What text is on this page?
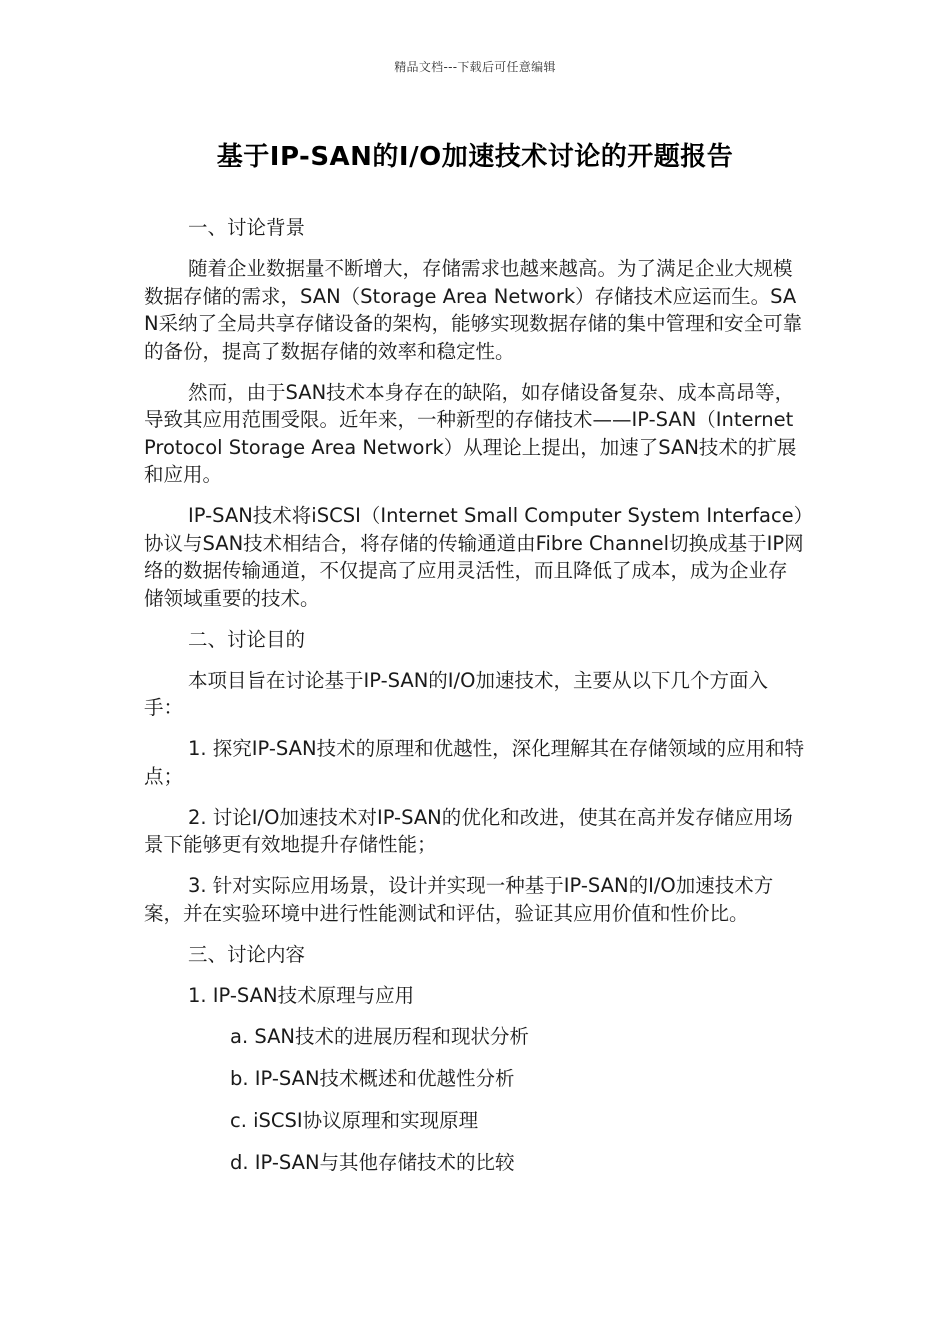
精品文档---下载后可任意编辑
基于IP-SAN的I/O加速技术讨论的开题报告

一、讨论背景

随着企业数据量不断增大，存储需求也越来越高。为了满足企业大规模数据存储的需求，SAN（Storage Area Network）存储技术应运而生。SAN采纳了全局共享存储设备的架构，能够实现数据存储的集中管理和安全可靠的备份，提高了数据存储的效率和稳定性。

然而，由于SAN技术本身存在的缺陷，如存储设备复杂、成本高昂等，导致其应用范围受限。近年来，一种新型的存储技术——IP-SAN（Internet Protocol Storage Area Network）从理论上提出，加速了SAN技术的扩展和应用。

IP-SAN技术将iSCSI（Internet Small Computer System Interface）协议与SAN技术相结合，将存储的传输通道由Fibre Channel切换成基于IP网络的数据传输通道，不仅提高了应用灵活性，而且降低了成本，成为企业存储领域重要的技术。

二、讨论目的

本项目旨在讨论基于IP-SAN的I/O加速技术，主要从以下几个方面入手：

1. 探究IP-SAN技术的原理和优越性，深化理解其在存储领域的应用和特点；

2. 讨论I/O加速技术对IP-SAN的优化和改进，使其在高并发存储应用场景下能够更有效地提升存储性能；

3. 针对实际应用场景，设计并实现一种基于IP-SAN的I/O加速技术方案，并在实验环境中进行性能测试和评估，验证其应用价值和性价比。

三、讨论内容

1. IP-SAN技术原理与应用

a. SAN技术的进展历程和现状分析

b. IP-SAN技术概述和优越性分析

c. iSCSI协议原理和实现原理

d. IP-SAN与其他存储技术的比较
